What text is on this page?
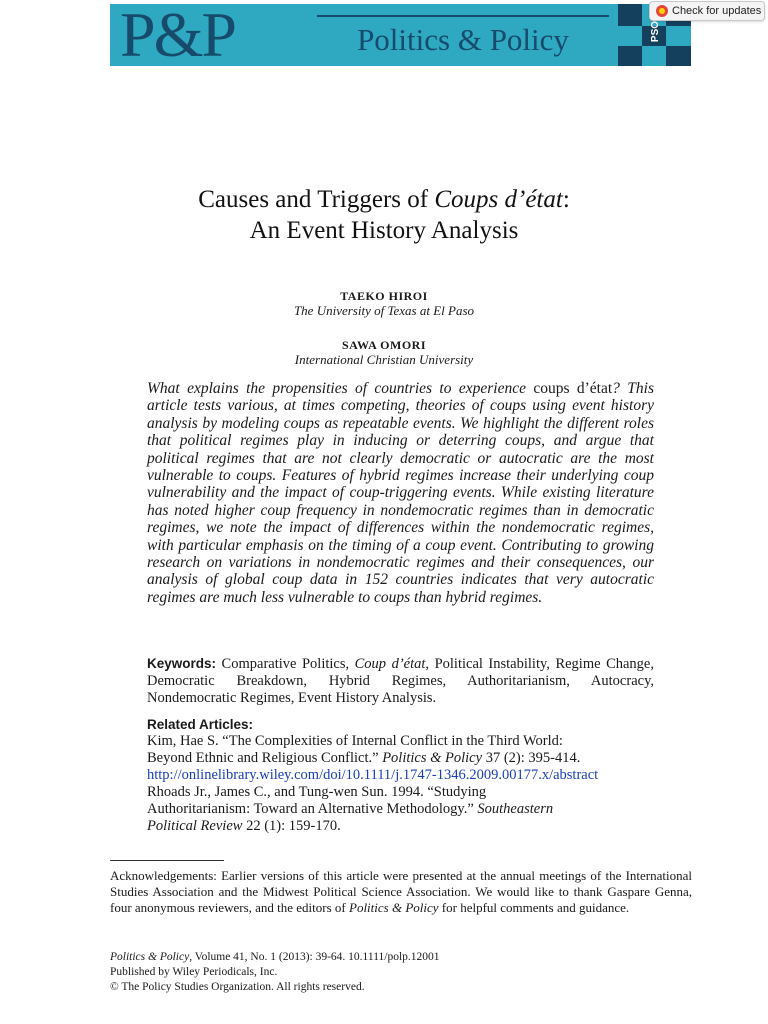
P&P	Politics & Policy	PSO
Check for updates
Causes and Triggers of Coups d’état:
An Event History Analysis
TAEKO HIROI
The University of Texas at El Paso
SAWA OMORI
International Christian University
What explains the propensities of countries to experience coups d’état? This article tests various, at times competing, theories of coups using event history analysis by modeling coups as repeatable events. We highlight the different roles that political regimes play in inducing or deterring coups, and argue that political regimes that are not clearly democratic or autocratic are the most vulnerable to coups. Features of hybrid regimes increase their underlying coup vulnerability and the impact of coup-triggering events. While existing literature has noted higher coup frequency in nondemocratic regimes than in democratic regimes, we note the impact of differences within the nondemocratic regimes, with particular emphasis on the timing of a coup event. Contributing to growing research on variations in nondemocratic regimes and their consequences, our analysis of global coup data in 152 countries indicates that very autocratic regimes are much less vulnerable to coups than hybrid regimes.
Keywords: Comparative Politics, Coup d’état, Political Instability, Regime Change, Democratic Breakdown, Hybrid Regimes, Authoritarianism, Autocracy, Nondemocratic Regimes, Event History Analysis.
Related Articles:
Kim, Hae S. “The Complexities of Internal Conflict in the Third World:
Beyond Ethnic and Religious Conflict.” Politics & Policy 37 (2): 395-414.
http://onlinelibrary.wiley.com/doi/10.1111/j.1747-1346.2009.00177.x/abstract
Rhoads Jr., James C., and Tung-wen Sun. 1994. “Studying
Authoritarianism: Toward an Alternative Methodology.” Southeastern
Political Review 22 (1): 159-170.
Acknowledgements: Earlier versions of this article were presented at the annual meetings of the International Studies Association and the Midwest Political Science Association. We would like to thank Gaspare Genna, four anonymous reviewers, and the editors of Politics & Policy for helpful comments and guidance.
Politics & Policy, Volume 41, No. 1 (2013): 39-64. 10.1111/polp.12001
Published by Wiley Periodicals, Inc.
© The Policy Studies Organization. All rights reserved.
